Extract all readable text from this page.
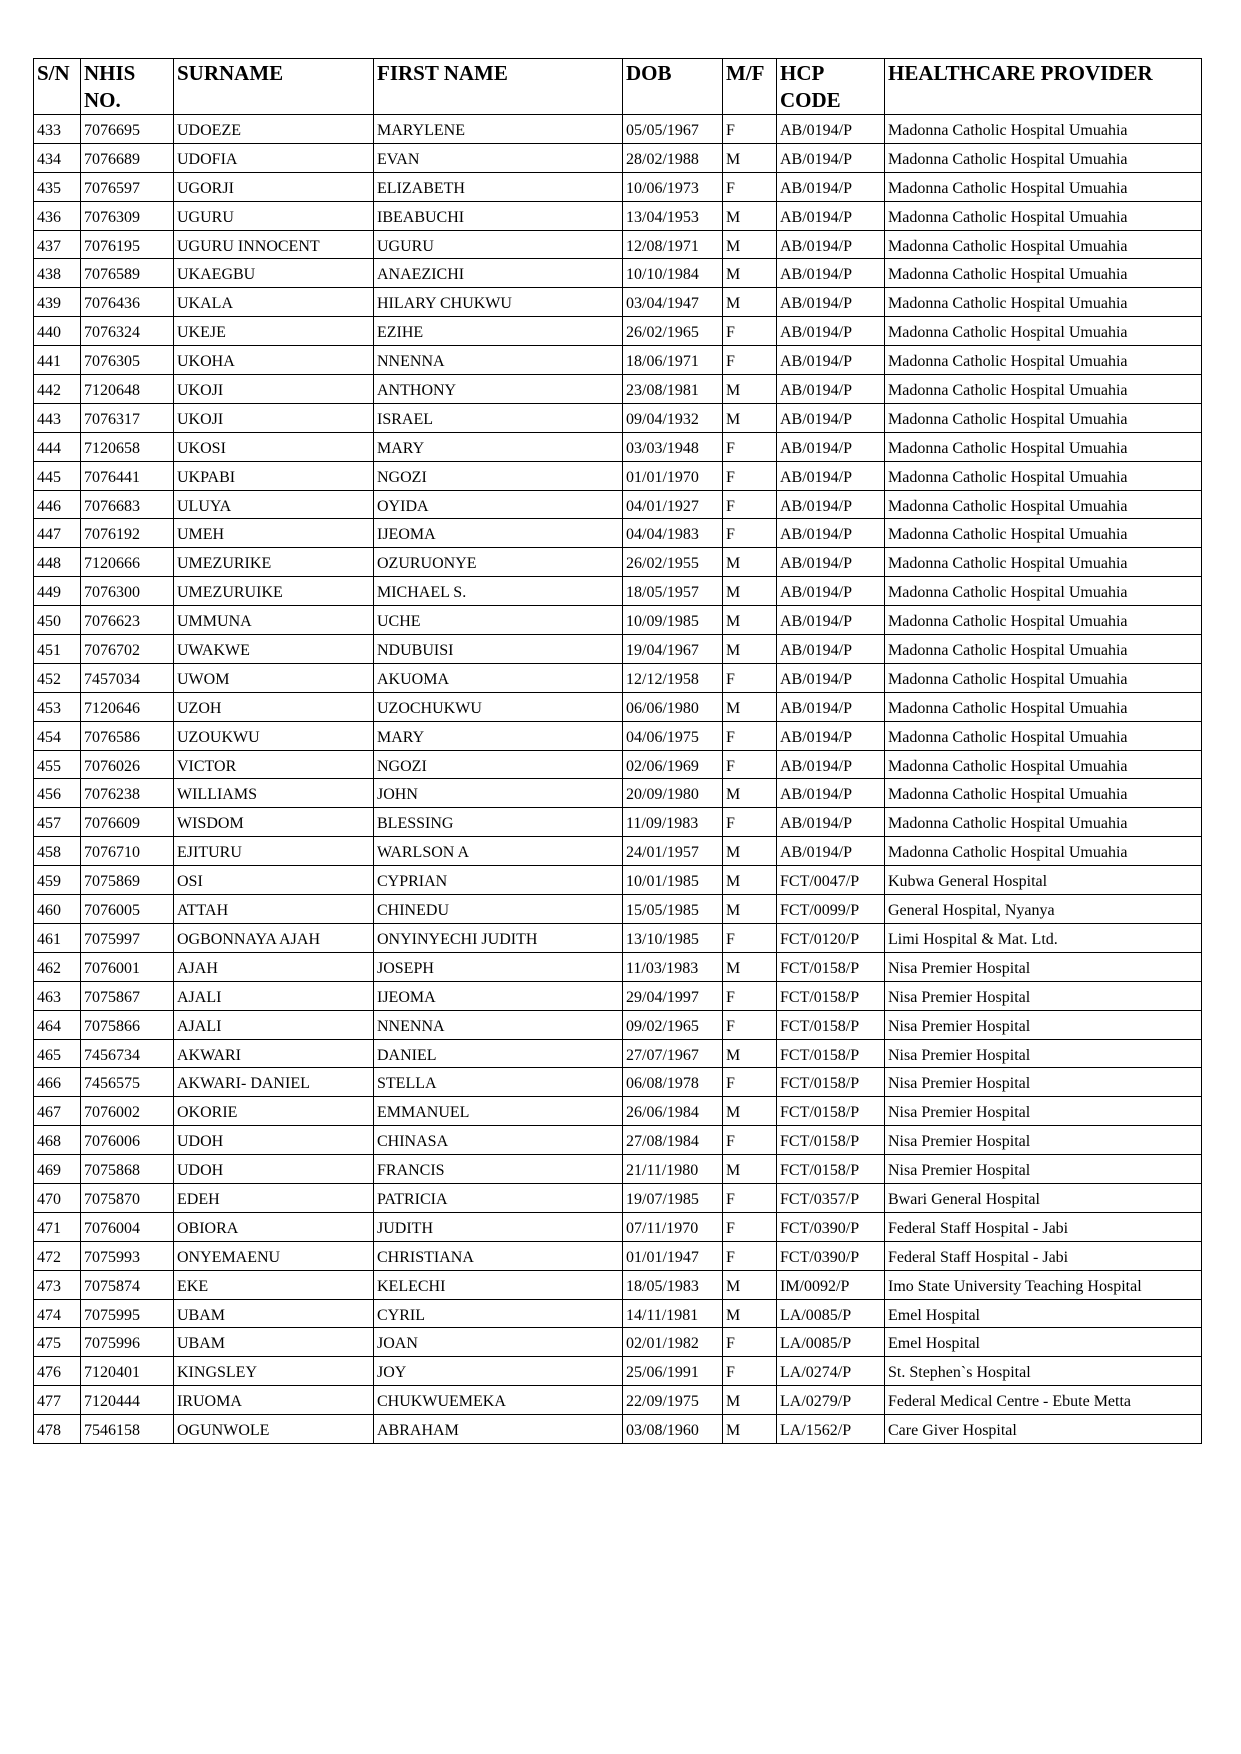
S/N	NHIS NO.	SURNAME	FIRST NAME	DOB	M/F	HCP CODE	HEALTHCARE PROVIDER
433	7076695	UDOEZE	MARYLENE	05/05/1967	F	AB/0194/P	Madonna Catholic Hospital Umuahia
434	7076689	UDOFIA	EVAN	28/02/1988	M	AB/0194/P	Madonna Catholic Hospital Umuahia
435	7076597	UGORJI	ELIZABETH	10/06/1973	F	AB/0194/P	Madonna Catholic Hospital Umuahia
436	7076309	UGURU	IBEABUCHI	13/04/1953	M	AB/0194/P	Madonna Catholic Hospital Umuahia
437	7076195	UGURU INNOCENT	UGURU	12/08/1971	M	AB/0194/P	Madonna Catholic Hospital Umuahia
438	7076589	UKAEGBU	ANAEZICHI	10/10/1984	M	AB/0194/P	Madonna Catholic Hospital Umuahia
439	7076436	UKALA	HILARY CHUKWU	03/04/1947	M	AB/0194/P	Madonna Catholic Hospital Umuahia
440	7076324	UKEJE	EZIHE	26/02/1965	F	AB/0194/P	Madonna Catholic Hospital Umuahia
441	7076305	UKOHA	NNENNA	18/06/1971	F	AB/0194/P	Madonna Catholic Hospital Umuahia
442	7120648	UKOJI	ANTHONY	23/08/1981	M	AB/0194/P	Madonna Catholic Hospital Umuahia
443	7076317	UKOJI	ISRAEL	09/04/1932	M	AB/0194/P	Madonna Catholic Hospital Umuahia
444	7120658	UKOSI	MARY	03/03/1948	F	AB/0194/P	Madonna Catholic Hospital Umuahia
445	7076441	UKPABI	NGOZI	01/01/1970	F	AB/0194/P	Madonna Catholic Hospital Umuahia
446	7076683	ULUYA	OYIDA	04/01/1927	F	AB/0194/P	Madonna Catholic Hospital Umuahia
447	7076192	UMEH	IJEOMA	04/04/1983	F	AB/0194/P	Madonna Catholic Hospital Umuahia
448	7120666	UMEZURIKE	OZURUONYE	26/02/1955	M	AB/0194/P	Madonna Catholic Hospital Umuahia
449	7076300	UMEZURUIKE	MICHAEL S.	18/05/1957	M	AB/0194/P	Madonna Catholic Hospital Umuahia
450	7076623	UMMUNA	UCHE	10/09/1985	M	AB/0194/P	Madonna Catholic Hospital Umuahia
451	7076702	UWAKWE	NDUBUISI	19/04/1967	M	AB/0194/P	Madonna Catholic Hospital Umuahia
452	7457034	UWOM	AKUOMA	12/12/1958	F	AB/0194/P	Madonna Catholic Hospital Umuahia
453	7120646	UZOH	UZOCHUKWU	06/06/1980	M	AB/0194/P	Madonna Catholic Hospital Umuahia
454	7076586	UZOUKWU	MARY	04/06/1975	F	AB/0194/P	Madonna Catholic Hospital Umuahia
455	7076026	VICTOR	NGOZI	02/06/1969	F	AB/0194/P	Madonna Catholic Hospital Umuahia
456	7076238	WILLIAMS	JOHN	20/09/1980	M	AB/0194/P	Madonna Catholic Hospital Umuahia
457	7076609	WISDOM	BLESSING	11/09/1983	F	AB/0194/P	Madonna Catholic Hospital Umuahia
458	7076710	EJITURU	WARLSON A	24/01/1957	M	AB/0194/P	Madonna Catholic Hospital Umuahia
459	7075869	OSI	CYPRIAN	10/01/1985	M	FCT/0047/P	Kubwa General Hospital
460	7076005	ATTAH	CHINEDU	15/05/1985	M	FCT/0099/P	General Hospital, Nyanya
461	7075997	OGBONNAYA AJAH	ONYINYECHI JUDITH	13/10/1985	F	FCT/0120/P	Limi Hospital & Mat. Ltd.
462	7076001	AJAH	JOSEPH	11/03/1983	M	FCT/0158/P	Nisa Premier Hospital
463	7075867	AJALI	IJEOMA	29/04/1997	F	FCT/0158/P	Nisa Premier Hospital
464	7075866	AJALI	NNENNA	09/02/1965	F	FCT/0158/P	Nisa Premier Hospital
465	7456734	AKWARI	DANIEL	27/07/1967	M	FCT/0158/P	Nisa Premier Hospital
466	7456575	AKWARI- DANIEL	STELLA	06/08/1978	F	FCT/0158/P	Nisa Premier Hospital
467	7076002	OKORIE	EMMANUEL	26/06/1984	M	FCT/0158/P	Nisa Premier Hospital
468	7076006	UDOH	CHINASA	27/08/1984	F	FCT/0158/P	Nisa Premier Hospital
469	7075868	UDOH	FRANCIS	21/11/1980	M	FCT/0158/P	Nisa Premier Hospital
470	7075870	EDEH	PATRICIA	19/07/1985	F	FCT/0357/P	Bwari General Hospital
471	7076004	OBIORA	JUDITH	07/11/1970	F	FCT/0390/P	Federal Staff Hospital - Jabi
472	7075993	ONYEMAENU	CHRISTIANA	01/01/1947	F	FCT/0390/P	Federal Staff Hospital - Jabi
473	7075874	EKE	KELECHI	18/05/1983	M	IM/0092/P	Imo State University Teaching Hospital
474	7075995	UBAM	CYRIL	14/11/1981	M	LA/0085/P	Emel Hospital
475	7075996	UBAM	JOAN	02/01/1982	F	LA/0085/P	Emel Hospital
476	7120401	KINGSLEY	JOY	25/06/1991	F	LA/0274/P	St. Stephen`s Hospital
477	7120444	IRUOMA	CHUKWUEMEKA	22/09/1975	M	LA/0279/P	Federal Medical Centre - Ebute Metta
478	7546158	OGUNWOLE	ABRAHAM	03/08/1960	M	LA/1562/P	Care Giver Hospital
